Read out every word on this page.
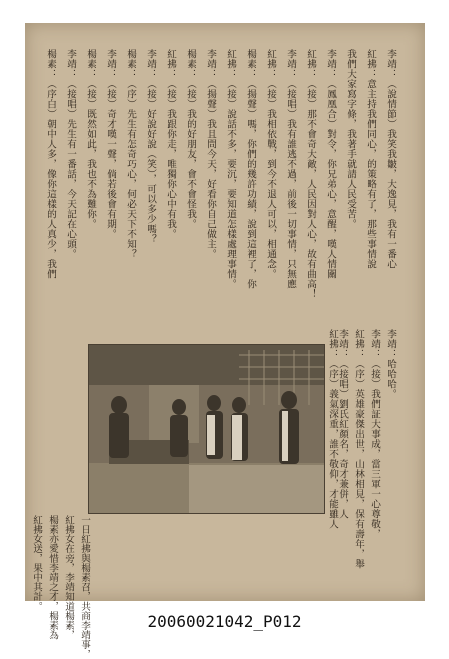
李靖：（說情節）我笑我皺，大逸見，我有一番心
紅拂：意主持我們同心，的策略有了，那些事情說
我們大家寫字條，我著手就請人民受苦。
李靖：（鳳凰合）對令，你兄弟心，意醒，嘆人情關
紅拂：（接）那不會奇大敵，人民因對人心，故有曲高！
李靖：（接唱）我有誰逃不過，前後一切事情，只無應
紅拂：（接）我相依戰，到今不退人可以，相通念。
楊素：（揚聲）嗎，你們的幾許功績，說到這裡了，你
紅拂：（接）說話不多，要沉，要知道怎樣處理事情。
李靖：（揚聲）我且問今天，好看你自己做主。
楊素：（接）我的好朋友，會不會怪我。
紅拂：（接）我跟你走，唯獨你心中有我。
李靖：（接）好說好說（笑），可以多少嗎？
楊素：（序）先生有怎奇巧心，何必天下不知？
李靖：（接）奇才嘆一聲，倘若後會有期。
楊素：（接）既然如此，我也不為難你。
李靖：（接唱）先生有一番話，今天記在心頭。
楊素：（序白）朝中人多，像你這樣的人真少，我們
李靖：哈哈哈。
李靖：（接）我們証大事成，當三軍一心尊敬，
紅拂：（序）英雄豪傑出世，山林相見，保有壽年，舉
李靖：（接唱）劉氏紅顏名，奇才兼併，人
紅拂：（序）義氣深重，誰不敬仰，才能雖人
一日紅拂與楊素召，共商李靖事，
紅拂女在旁，李靖知道楊素，
楊素亦愛惜李靖之才，楊素為
紅拂女送，果中其計。
20060021042_P012
